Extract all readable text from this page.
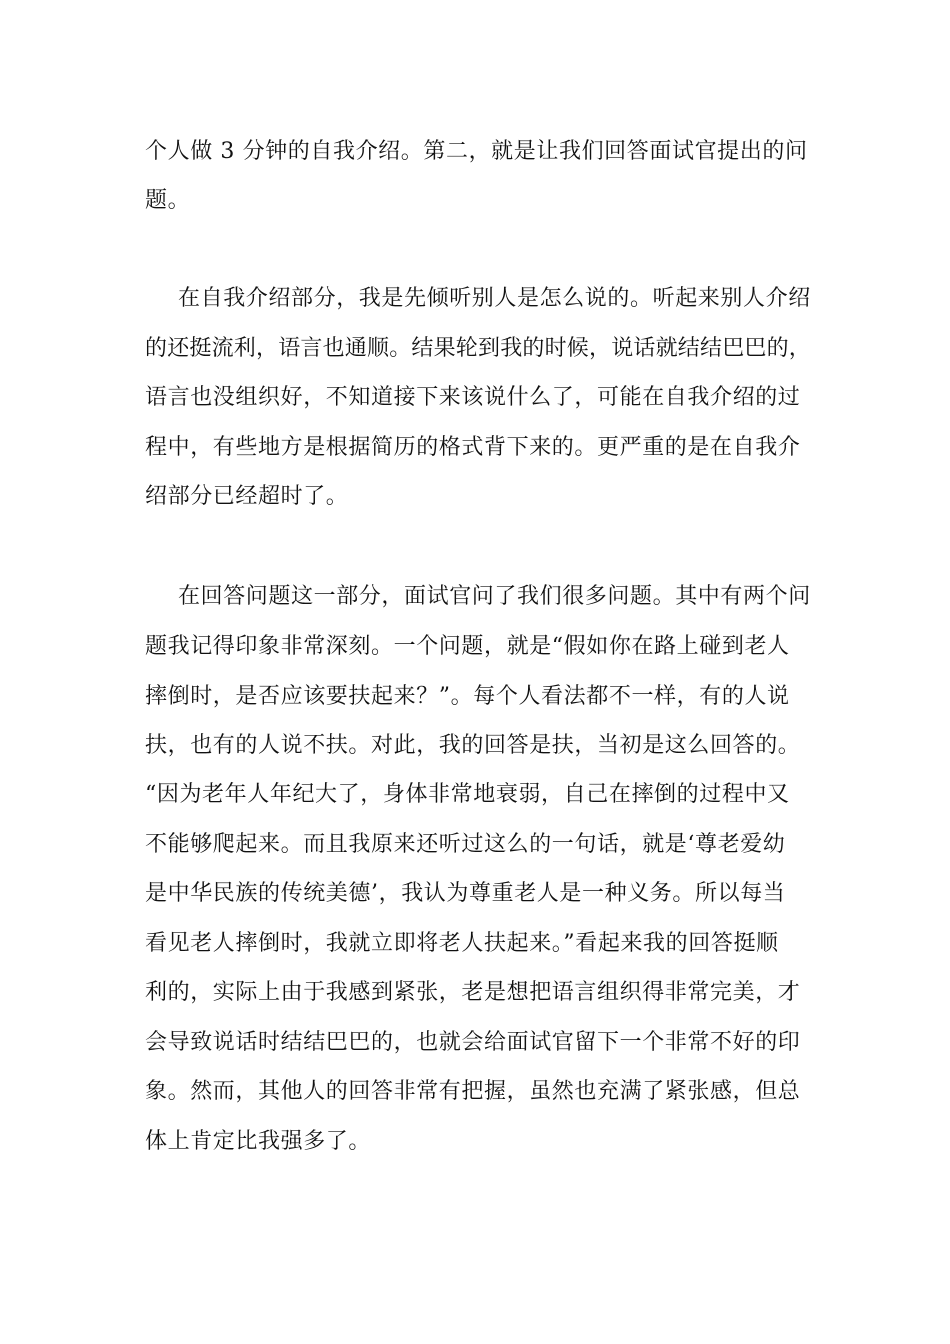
个人做 3 分钟的自我介绍。第二，就是让我们回答面试官提出的问
题。
在自我介绍部分，我是先倾听别人是怎么说的。听起来别人介绍
的还挺流利，语言也通顺。结果轮到我的时候，说话就结结巴巴的，
语言也没组织好，不知道接下来该说什么了，可能在自我介绍的过
程中，有些地方是根据简历的格式背下来的。更严重的是在自我介
绍部分已经超时了。
在回答问题这一部分，面试官问了我们很多问题。其中有两个问
题我记得印象非常深刻。一个问题，就是“假如你在路上碰到老人
摔倒时，是否应该要扶起来？”。每个人看法都不一样，有的人说
扶，也有的人说不扶。对此，我的回答是扶，当初是这么回答的。
“因为老年人年纪大了，身体非常地衰弱，自己在摔倒的过程中又
不能够爬起来。而且我原来还听过这么的一句话，就是‘尊老爱幼
是中华民族的传统美德’，我认为尊重老人是一种义务。所以每当
看见老人摔倒时，我就立即将老人扶起来。”看起来我的回答挺顺
利的，实际上由于我感到紧张，老是想把语言组织得非常完美，才
会导致说话时结结巴巴的，也就会给面试官留下一个非常不好的印
象。然而，其他人的回答非常有把握，虽然也充满了紧张感，但总
体上肯定比我强多了。
